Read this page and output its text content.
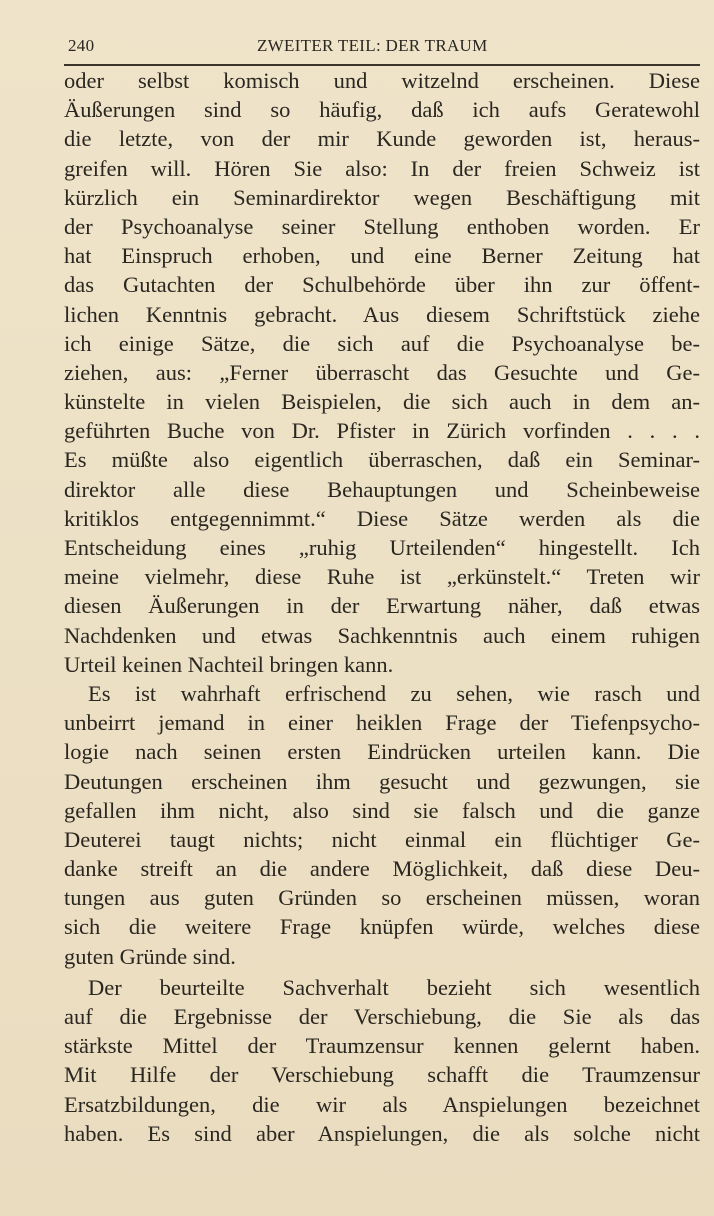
240	ZWEITER TEIL: DER TRAUM
oder selbst komisch und witzelnd erscheinen. Diese
Äußerungen sind so häufig, daß ich aufs Geratewohl
die letzte, von der mir Kunde geworden ist, heraus-
greifen will. Hören Sie also: In der freien Schweiz ist
kürzlich ein Seminardirektor wegen Beschäftigung mit
der Psychoanalyse seiner Stellung enthoben worden. Er
hat Einspruch erhoben, und eine Berner Zeitung hat
das Gutachten der Schulbehörde über ihn zur öffent-
lichen Kenntnis gebracht. Aus diesem Schriftstück ziehe
ich einige Sätze, die sich auf die Psychoanalyse be-
ziehen, aus: „Ferner überrascht das Gesuchte und Ge-
künstelte in vielen Beispielen, die sich auch in dem an-
geführten Buche von Dr. Pfister in Zürich vorfinden . . . .
Es müßte also eigentlich überraschen, daß ein Seminar-
direktor alle diese Behauptungen und Scheinbeweise
kritiklos entgegennimmt.“ Diese Sätze werden als die
Entscheidung eines „ruhig Urteilenden“ hingestellt. Ich
meine vielmehr, diese Ruhe ist „erkünstelt.“ Treten wir
diesen Äußerungen in der Erwartung näher, daß etwas
Nachdenken und etwas Sachkenntnis auch einem ruhigen
Urteil keinen Nachteil bringen kann.
Es ist wahrhaft erfrischend zu sehen, wie rasch und
unbeirrt jemand in einer heiklen Frage der Tiefenpsycho-
logie nach seinen ersten Eindrücken urteilen kann. Die
Deutungen erscheinen ihm gesucht und gezwungen, sie
gefallen ihm nicht, also sind sie falsch und die ganze
Deuterei taugt nichts; nicht einmal ein flüchtiger Ge-
danke streift an die andere Möglichkeit, daß diese Deu-
tungen aus guten Gründen so erscheinen müssen, woran
sich die weitere Frage knüpfen würde, welches diese
guten Gründe sind.
Der beurteilte Sachverhalt bezieht sich wesentlich
auf die Ergebnisse der Verschiebung, die Sie als das
stärkste Mittel der Traumzensur kennen gelernt haben.
Mit Hilfe der Verschiebung schafft die Traumzensur
Ersatzbildungen, die wir als Anspielungen bezeichnet
haben. Es sind aber Anspielungen, die als solche nicht
